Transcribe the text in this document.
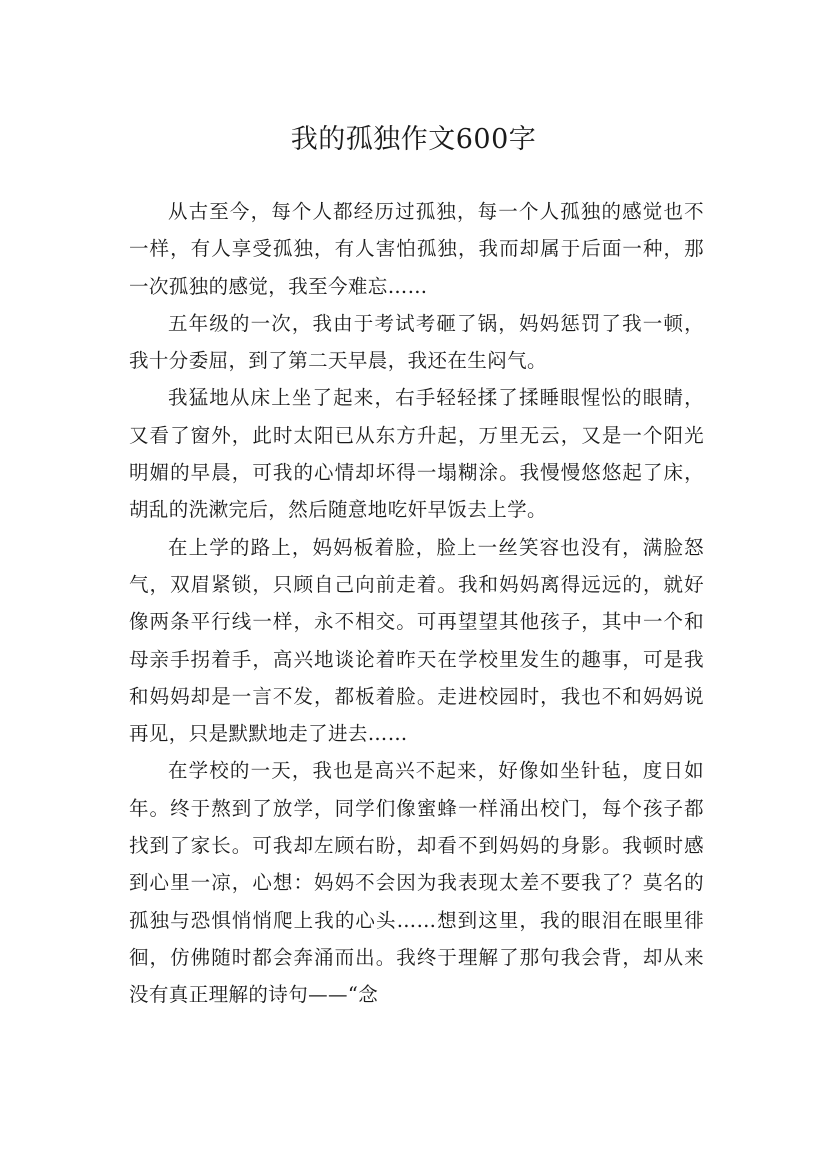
我的孤独作文600字

从古至今，每个人都经历过孤独，每一个人孤独的感觉也不一样，有人享受孤独，有人害怕孤独，我而却属于后面一种，那一次孤独的感觉，我至今难忘……

五年级的一次，我由于考试考砸了锅，妈妈惩罚了我一顿，我十分委屈，到了第二天早晨，我还在生闷气。

我猛地从床上坐了起来，右手轻轻揉了揉睡眼惺忪的眼睛，又看了窗外，此时太阳已从东方升起，万里无云，又是一个阳光明媚的早晨，可我的心情却坏得一塌糊涂。我慢慢悠悠起了床，胡乱的洗漱完后，然后随意地吃奸早饭去上学。

在上学的路上，妈妈板着脸，脸上一丝笑容也没有，满脸怒气，双眉紧锁，只顾自己向前走着。我和妈妈离得远远的，就好像两条平行线一样，永不相交。可再望望其他孩子，其中一个和母亲手拐着手，高兴地谈论着昨天在学校里发生的趣事，可是我和妈妈却是一言不发，都板着脸。走进校园时，我也不和妈妈说再见，只是默默地走了进去……

在学校的一天，我也是高兴不起来，好像如坐针毡，度日如年。终于熬到了放学，同学们像蜜蜂一样涌出校门，每个孩子都找到了家长。可我却左顾右盼，却看不到妈妈的身影。我顿时感到心里一凉，心想：妈妈不会因为我表现太差不要我了？莫名的孤独与恐惧悄悄爬上我的心头……想到这里，我的眼泪在眼里徘徊，仿佛随时都会奔涌而出。我终于理解了那句我会背，却从来没有真正理解的诗句——“念
